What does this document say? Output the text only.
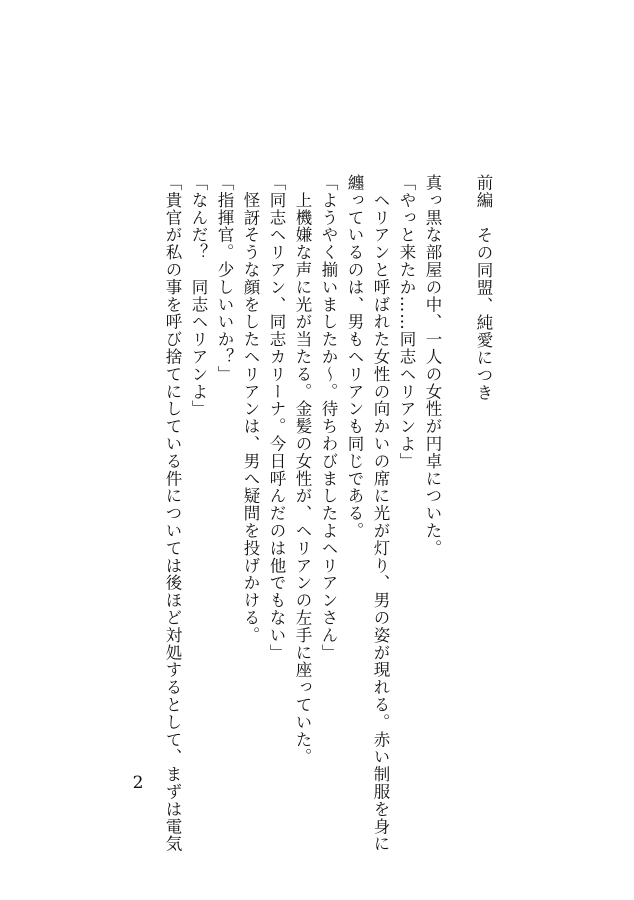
前編　その同盟、純愛につき
真っ黒な部屋の中、一人の女性が円卓についた。
「やっと来たか……同志ヘリアンよ」
　ヘリアンと呼ばれた女性の向かいの席に光が灯り、男の姿が現れる。赤い制服を身に
纏っているのは、男もヘリアンも同じである。
「ようやく揃いましたか～。待ちわびましたよヘリアンさん」
　上機嫌な声に光が当たる。金髪の女性が、ヘリアンの左手に座っていた。
「同志ヘリアン、同志カリーナ。今日呼んだのは他でもない」
　怪訝そうな顔をしたヘリアンは、男へ疑問を投げかける。
「指揮官。少しいいか？」
「なんだ？　同志ヘリアンよ」
「貴官が私の事を呼び捨てにしている件については後ほど対処するとして、まずは電気
2
